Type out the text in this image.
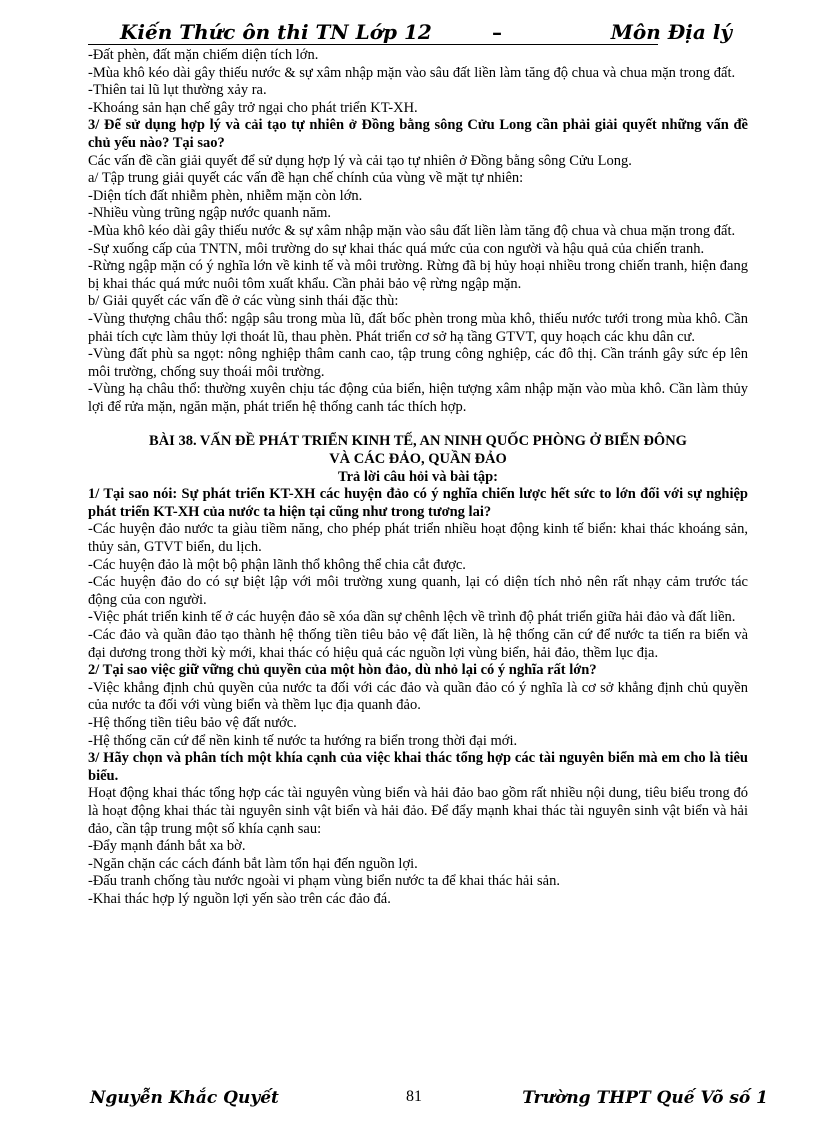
Kiến Thức ôn thi TN Lớp 12	–	Môn Địa lý

-Đất phèn, đất mặn chiếm diện tích lớn.

-Mùa khô kéo dài gây thiếu nước & sự xâm nhập mặn vào sâu đất liền làm tăng độ chua và chua mặn trong đất.

-Thiên tai lũ lụt thường xảy ra.

-Khoáng sản hạn chế gây trở ngại cho phát triển KT-XH.

3/ Để sử dụng hợp lý và cải tạo tự nhiên ở Đồng bằng sông Cửu Long cần phải giải quyết những vấn đề chủ yếu nào? Tại sao?

Các vấn đề cần giải quyết để sử dụng hợp lý và cải tạo tự nhiên ở Đồng bằng sông Cửu Long.

a/ Tập trung giải quyết các vấn đề hạn chế chính của vùng về mặt tự nhiên:

-Diện tích đất nhiễm phèn, nhiễm mặn còn lớn.

-Nhiều vùng trũng ngập nước quanh năm.

-Mùa khô kéo dài gây thiếu nước & sự xâm nhập mặn vào sâu đất liền làm tăng độ chua và chua mặn trong đất.

-Sự xuống cấp của TNTN, môi trường do sự khai thác quá mức của con người và hậu quả của chiến tranh.

-Rừng ngập mặn có ý nghĩa lớn về kinh tế và môi trường. Rừng đã bị hủy hoại nhiều trong chiến tranh, hiện đang bị khai thác quá mức nuôi tôm xuất khẩu. Cần phải bảo vệ rừng ngập mặn.

b/ Giải quyết các vấn đề ở các vùng sinh thái đặc thù:

-Vùng thượng châu thổ: ngập sâu trong mùa lũ, đất bốc phèn trong mùa khô, thiếu nước tưới trong mùa khô. Cần phải tích cực làm thủy lợi thoát lũ, thau phèn. Phát triển cơ sở hạ tầng GTVT, quy hoạch các khu dân cư.

-Vùng đất phù sa ngọt: nông nghiệp thâm canh cao, tập trung công nghiệp, các đô thị. Cần tránh gây sức ép lên môi trường, chống suy thoái môi trường.

-Vùng hạ châu thổ: thường xuyên chịu tác động của biển, hiện tượng xâm nhập mặn vào mùa khô. Cần làm thủy lợi để rửa mặn, ngăn mặn, phát triển hệ thống canh tác thích hợp.

BÀI 38. VẤN ĐỀ PHÁT TRIỂN KINH TẾ, AN NINH QUỐC PHÒNG Ở BIỂN ĐÔNG

VÀ CÁC ĐẢO, QUẦN ĐẢO

Trả lời câu hỏi và bài tập:

1/ Tại sao nói: Sự phát triển KT-XH các huyện đảo có ý nghĩa chiến lược hết sức to lớn đối với sự nghiệp phát triển KT-XH của nước ta hiện tại cũng như trong tương lai?

-Các huyện đảo nước ta giàu tiềm năng, cho phép phát triển nhiều hoạt động kinh tế biển: khai thác khoáng sản, thủy sản, GTVT biển, du lịch.

-Các huyện đảo là một bộ phận lãnh thổ không thể chia cắt được.

-Các huyện đảo do có sự biệt lập với môi trường xung quanh, lại có diện tích nhỏ nên rất nhạy cảm trước tác động của con người.

-Việc phát triển kinh tế ở các huyện đảo sẽ xóa dần sự chênh lệch về trình độ phát triển giữa hải đảo và đất liền.

-Các đảo và quần đảo tạo thành hệ thống tiền tiêu bảo vệ đất liền, là hệ thống căn cứ để nước ta tiến ra biển và đại dương trong thời kỳ mới, khai thác có hiệu quả các nguồn lợi vùng biển, hải đảo, thềm lục địa.

2/ Tại sao việc giữ vững chủ quyền của một hòn đảo, dù nhỏ lại có ý nghĩa rất lớn?

-Việc khẳng định chủ quyền của nước ta đối với các đảo và quần đảo có ý nghĩa là cơ sở khẳng định chủ quyền của nước ta đối với vùng biển và thềm lục địa quanh đảo.

-Hệ thống tiền tiêu bảo vệ đất nước.

-Hệ thống căn cứ để nền kinh tế nước ta hướng ra biển trong thời đại mới.

3/ Hãy chọn và phân tích một khía cạnh của việc khai thác tổng hợp các tài nguyên biển mà em cho là tiêu biểu.

Hoạt động khai thác tổng hợp các tài nguyên vùng biển và hải đảo bao gồm rất nhiều nội dung, tiêu biểu trong đó là hoạt động khai thác tài nguyên sinh vật biển và hải đảo. Để đẩy mạnh khai thác tài nguyên sinh vật biển và hải đảo, cần tập trung một số khía cạnh sau:

-Đẩy mạnh đánh bắt xa bờ.

-Ngăn chặn các cách đánh bắt làm tổn hại đến nguồn lợi.

-Đấu tranh chống tàu nước ngoài vi phạm vùng biển nước ta để khai thác hải sản.

-Khai thác hợp lý nguồn lợi yến sào trên các đảo đá.

Nguyễn Khắc Quyết	81	Trường THPT Quế Võ số 1
